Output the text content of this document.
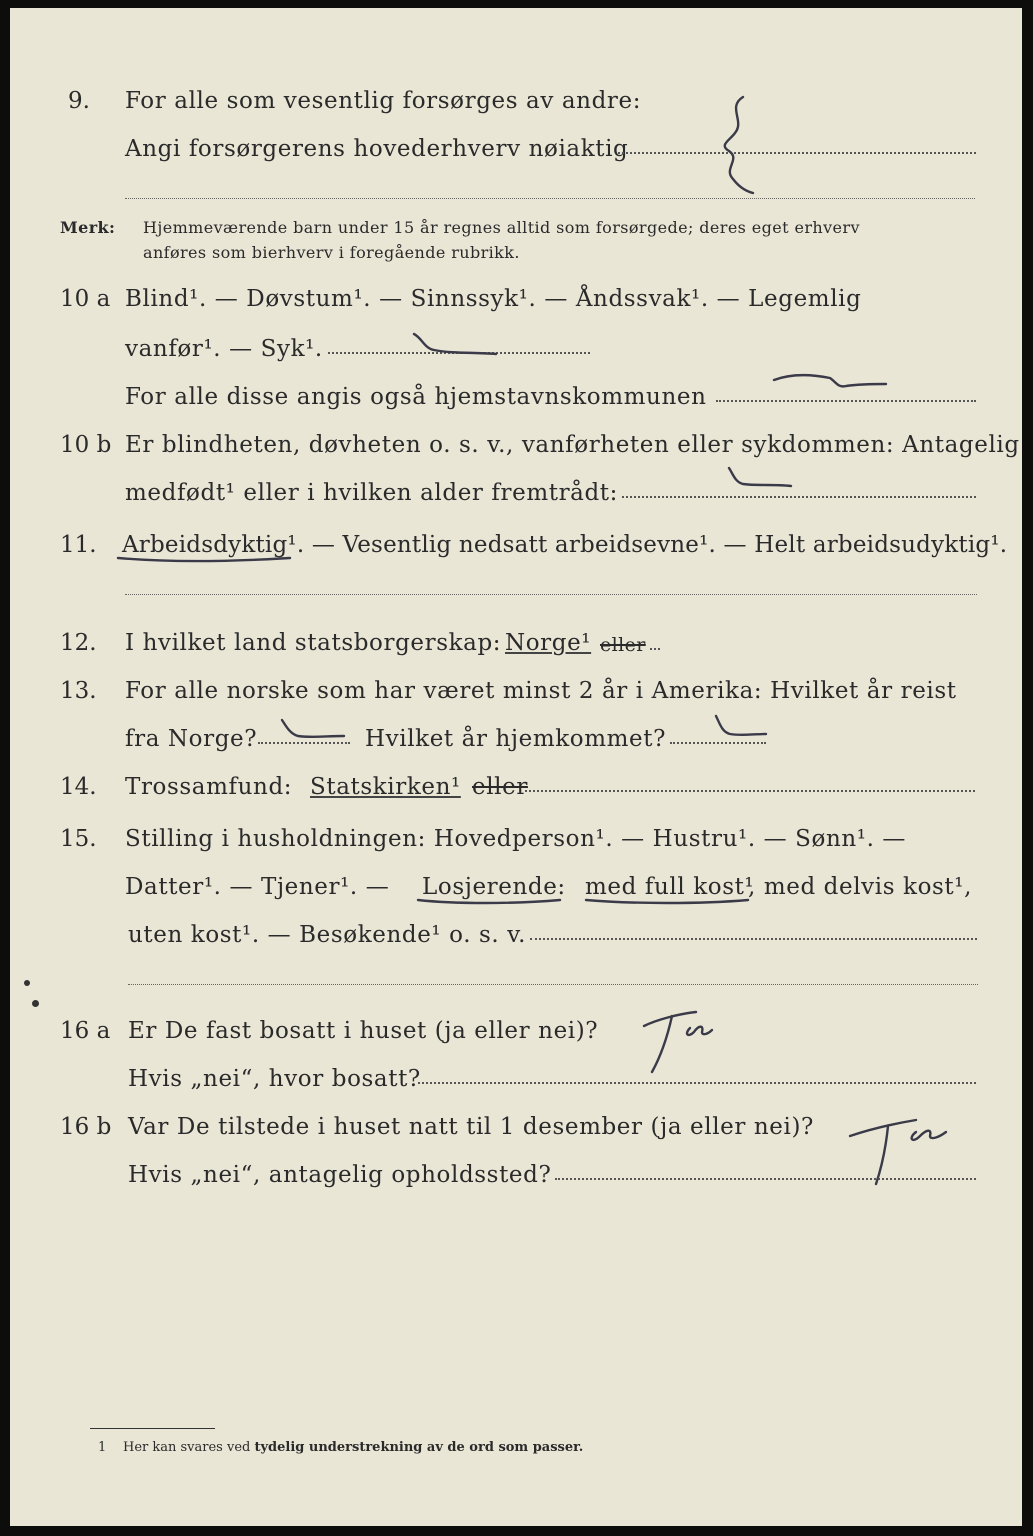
9. For alle som vesentlig forsørges av andre:
Angi forsørgerens hovederhverv nøiaktig
Merk: Hjemmeværende barn under 15 år regnes alltid som forsørgede; deres eget erhverv
anføres som bierhverv i foregående rubrikk.
10 a Blind¹. — Døvstum¹. — Sinnssyk¹. — Åndssvak¹. — Legemlig
vanfør¹. — Syk¹.
For alle disse angis også hjemstavnskommunen
10 b Er blindheten, døvheten o. s. v., vanførheten eller sykdommen: Antagelig
medfødt¹ eller i hvilken alder fremtrådt:
11. Arbeidsdyktig¹. — Vesentlig nedsatt arbeidsevne¹. — Helt arbeidsudyktig¹.
12. I hvilket land statsborgerskap: Norge¹ eller
13. For alle norske som har været minst 2 år i Amerika: Hvilket år reist
fra Norge?	Hvilket år hjemkommet?
14. Trossamfund: Statskirken¹ eller
15. Stilling i husholdningen: Hovedperson¹. — Hustru¹. — Sønn¹. —
Datter¹. — Tjener¹. — Losjerende: med full kost¹
, med delvis kost¹,
uten kost¹. — Besøkende¹ o. s. v.
16 a Er De fast bosatt i huset (ja eller nei)?
Hvis „nei“, hvor bosatt?
16 b Var De tilstede i huset natt til 1 desember (ja eller nei)?
Hvis „nei“, antagelig opholdssted?
1 Her kan svares ved tydelig understrekning av de ord som passer.
